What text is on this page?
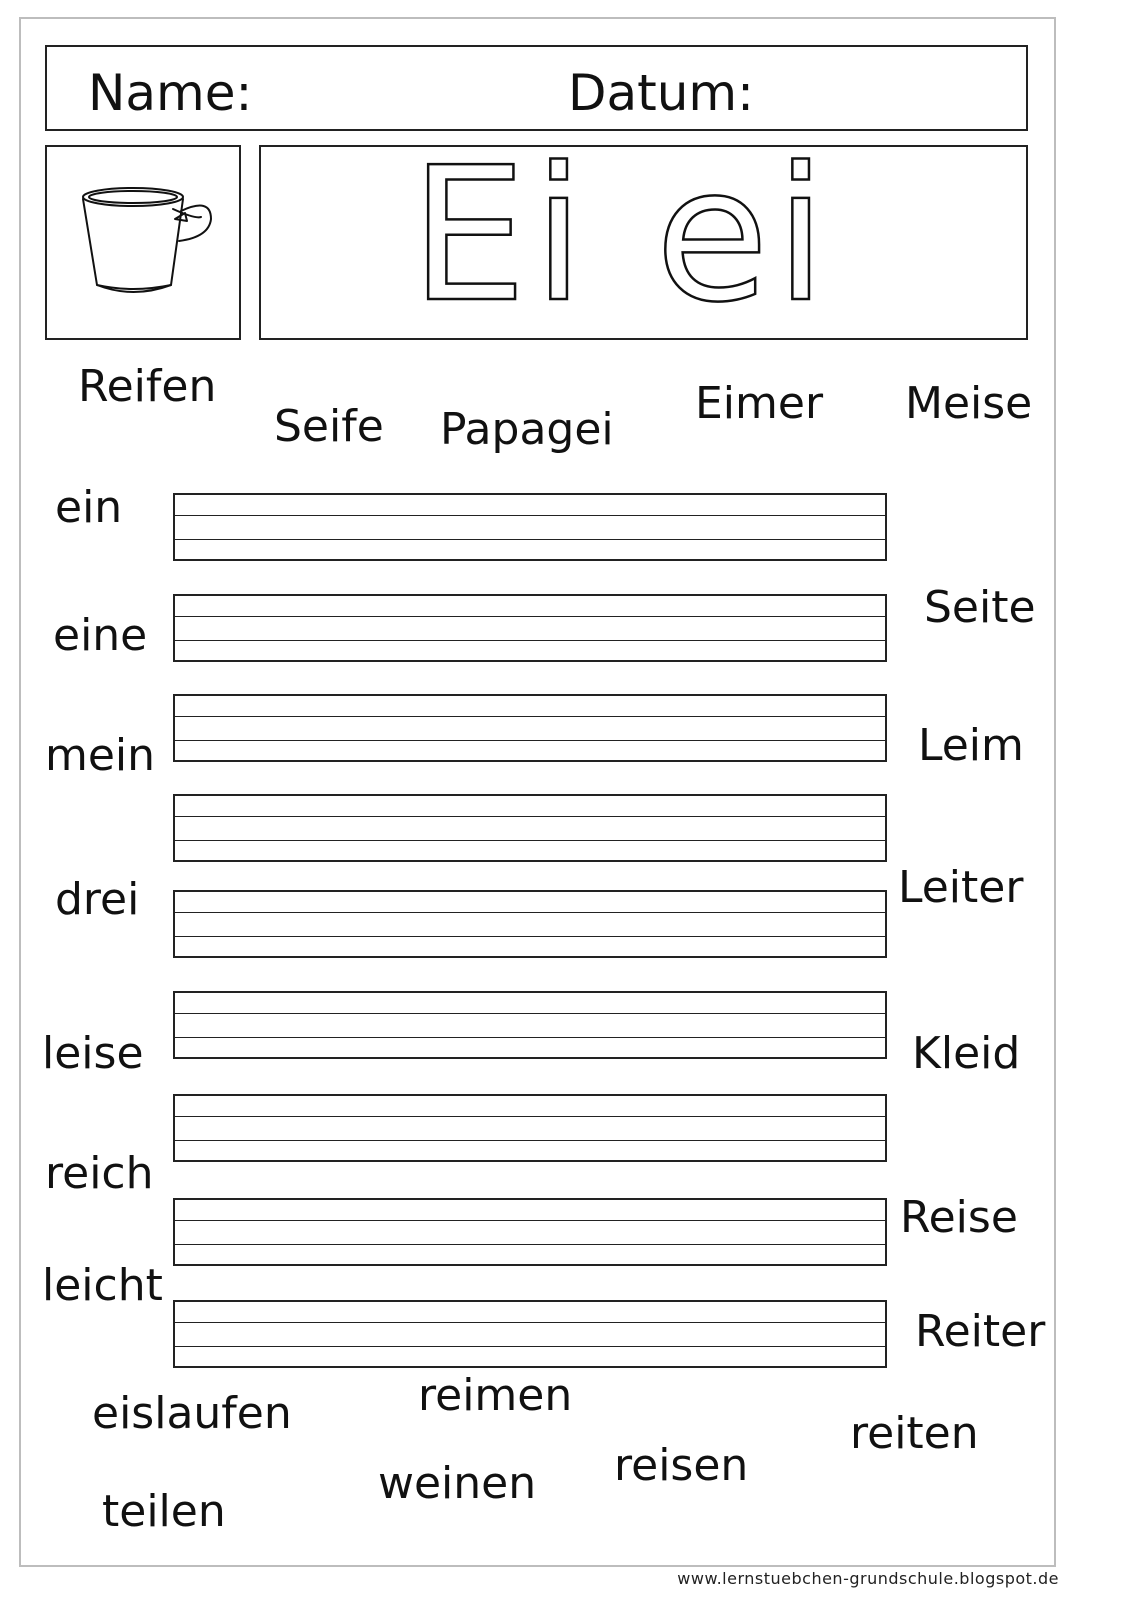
Name:	Datum:
Ei ei
Reifen
Seife Papagei
Eimer Meise
ein
eine
mein
drei
leise
reich
leicht
Seite
Leim
Leiter
Kleid
Reise
Reiter
eislaufen	reimen
reiten
weinen reisen
teilen
www.lernstuebchen-grundschule.blogspot.de
